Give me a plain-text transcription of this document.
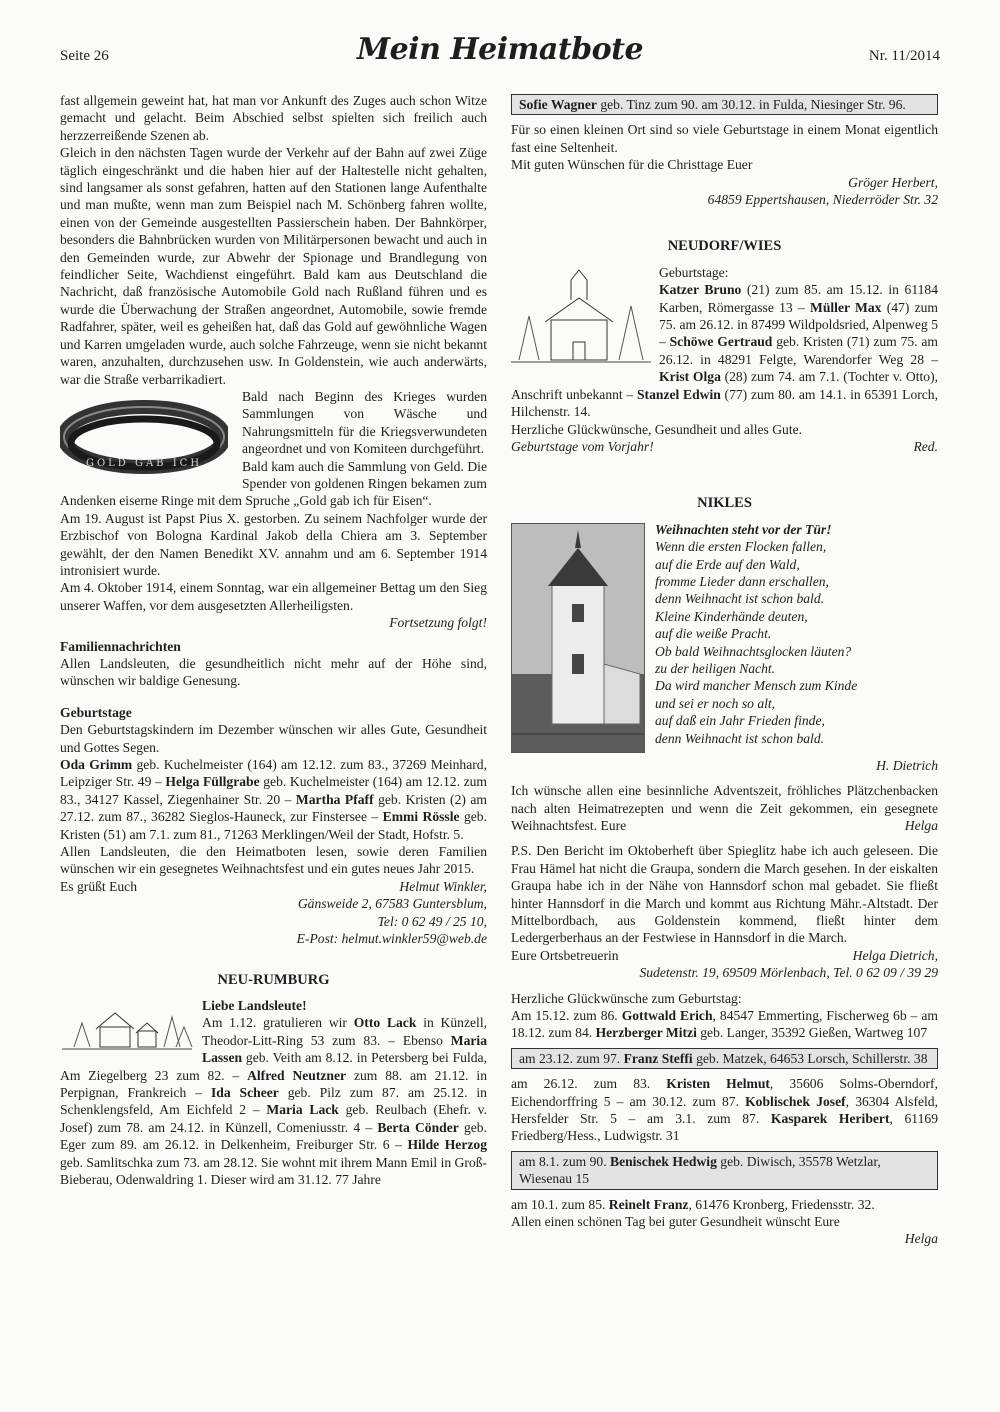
Seite 26	Mein Heimatbote	Nr. 11/2014

fast allgemein geweint hat, hat man vor Ankunft des Zuges auch schon Witze gemacht und gelacht. Beim Abschied selbst spielten sich freilich auch herzzerreißende Szenen ab.

Gleich in den nächsten Tagen wurde der Verkehr auf der Bahn auf zwei Züge täglich eingeschränkt und die haben hier auf der Haltestelle nicht gehalten, sind langsamer als sonst gefahren, hatten auf den Stationen lange Aufenthalte und man mußte, wenn man zum Beispiel nach M. Schönberg fahren wollte, einen von der Gemeinde ausgestellten Passierschein haben. Der Bahnkörper, besonders die Bahnbrücken wurden von Militärpersonen bewacht und auch in den Gemeinden wurde, zur Abwehr der Spionage und Brandlegung von feindlicher Seite, Wachdienst eingeführt. Bald kam aus Deutschland die Nachricht, daß französische Automobile Gold nach Rußland führen und es wurde die Überwachung der Straßen angeordnet, Automobile, sowie fremde Radfahrer, später, weil es geheißen hat, daß das Gold auf gewöhnliche Wagen und Karren umgeladen wurde, auch solche Fahrzeuge, wenn sie nicht bekannt waren, anzuhalten, durchzusehen usw. In Goldenstein, wie auch anderwärts, war die Straße verbarrikadiert.

GOLD GAB ICH

Bald nach Beginn des Krieges wurden Sammlungen von Wäsche und Nahrungsmitteln für die Kriegsverwundeten angeordnet und von Komiteen durchgeführt.

Bald kam auch die Sammlung von Geld. Die Spender von goldenen Ringen bekamen zum Andenken eiserne Ringe mit dem Spruche „Gold gab ich für Eisen“.

Am 19. August ist Papst Pius X. gestorben. Zu seinem Nachfolger wurde der Erzbischof von Bologna Kardinal Jakob della Chiera am 3. September gewählt, der den Namen Benedikt XV. annahm und am 6. September 1914 intronisiert wurde.

Am 4. Oktober 1914, einem Sonntag, war ein allgemeiner Bettag um den Sieg unserer Waffen, vor dem ausgesetzten Allerheiligsten.

Fortsetzung folgt!

Familiennachrichten

Allen Landsleuten, die gesundheitlich nicht mehr auf der Höhe sind, wünschen wir baldige Genesung.

Geburtstage

Den Geburtstagskindern im Dezember wünschen wir alles Gute, Gesundheit und Gottes Segen.

Oda Grimm geb. Kuchelmeister (164) am 12.12. zum 83., 37269 Meinhard, Leipziger Str. 49 – Helga Füllgrabe geb. Kuchelmeister (164) am 12.12. zum 83., 34127 Kassel, Ziegenhainer Str. 20 – Martha Pfaff geb. Kristen (2) am 27.12. zum 87., 36282 Sieglos-Hauneck, zur Finstersee – Emmi Rössle geb. Kristen (51) am 7.1. zum 81., 71263 Merklingen/Weil der Stadt, Hofstr. 5.

Allen Landsleuten, die den Heimatboten lesen, sowie deren Familien wünschen wir ein gesegnetes Weihnachtsfest und ein gutes neues Jahr 2015.

Es grüßt Euch	Helmut Winkler,

Gänsweide 2, 67583 Guntersblum,

Tel: 0 62 49 / 25 10,

E-Post: helmut.winkler59@web.de

NEU-RUMBURG

Liebe Landsleute!

Am 1.12. gratulieren wir Otto Lack in Künzell, Theodor-Litt-Ring 53 zum 83. – Ebenso Maria Lassen geb. Veith am 8.12. in Petersberg bei Fulda, Am Ziegelberg 23 zum 82. – Alfred Neutzner zum 88. am 21.12. in Perpignan, Frankreich – Ida Scheer geb. Pilz zum 87. am 25.12. in Schenklengsfeld, Am Eichfeld 2 – Maria Lack geb. Reulbach (Ehefr. v. Josef) zum 78. am 24.12. in Künzell, Comeniusstr. 4 – Berta Cönder geb. Eger zum 89. am 26.12. in Delkenheim, Freiburger Str. 6 – Hilde Herzog geb. Samlitschka zum 73. am 28.12. Sie wohnt mit ihrem Mann Emil in Groß-Bieberau, Odenwaldring 1. Dieser wird am 31.12. 77 Jahre

Sofie Wagner geb. Tinz zum 90. am 30.12. in Fulda, Niesinger Str. 96.

Für so einen kleinen Ort sind so viele Geburtstage in einem Monat eigentlich fast eine Seltenheit.

Mit guten Wünschen für die Christtage Euer

Gröger Herbert,

64859 Eppertshausen, Niederröder Str. 32

NEUDORF/WIES

Geburtstage:

Katzer Bruno (21) zum 85. am 15.12. in 61184 Karben, Römergasse 13 – Müller Max (47) zum 75. am 26.12. in 87499 Wildpoldsried, Alpenweg 5 – Schöwe Gertraud geb. Kristen (71) zum 75. am 26.12. in 48291 Felgte, Warendorfer Weg 28 – Krist Olga (28) zum 74. am 7.1. (Tochter v. Otto), Anschrift unbekannt – Stanzel Edwin (77) zum 80. am 14.1. in 65391 Lorch, Hilchenstr. 14.

Herzliche Glückwünsche, Gesundheit und alles Gute.

Geburtstage vom Vorjahr!	Red.
NIKLES

Weihnachten steht vor der Tür!

Wenn die ersten Flocken fallen,
auf die Erde auf den Wald,
fromme Lieder dann erschallen,
denn Weihnacht ist schon bald.
Kleine Kinderhände deuten,
auf die weiße Pracht.
Ob bald Weihnachtsglocken läuten?
zu der heiligen Nacht.
Da wird mancher Mensch zum Kinde
und sei er noch so alt,
auf daß ein Jahr Frieden finde,
denn Weihnacht ist schon bald.

H. Dietrich

Ich wünsche allen eine besinnliche Adventszeit, fröhliches Plätzchenbacken nach alten Heimatrezepten und wenn die Zeit gekommen, ein gesegnete Weihnachtsfest. Eure	Helga

P.S. Den Bericht im Oktoberheft über Spieglitz habe ich auch geleseen. Die Frau Hämel hat nicht die Graupa, sondern die March gesehen. In der eiskalten Graupa habe ich in der Nähe von Hannsdorf schon mal gebadet. Sie fließt hinter Hannsdorf in die March und kommt aus Richtung Mähr.-Altstadt. Der Mittelbordbach, aus Goldenstein kommend, fließt hinter dem Ledergerberhaus an der Festwiese in Hannsdorf in die March.

Eure Ortsbetreuerin	Helga Dietrich,

Sudetenstr. 19, 69509 Mörlenbach, Tel. 0 62 09 / 39 29

Herzliche Glückwünsche zum Geburtstag:

Am 15.12. zum 86. Gottwald Erich, 84547 Emmerting, Fischerweg 6b – am 18.12. zum 84. Herzberger Mitzi geb. Langer, 35392 Gießen, Wartweg 107

am 23.12. zum 97. Franz Steffi geb. Matzek, 64653 Lorsch, Schillerstr. 38

am 26.12. zum 83. Kristen Helmut, 35606 Solms-Oberndorf, Eichendorffring 5 – am 30.12. zum 87. Koblischek Josef, 36304 Alsfeld, Hersfelder Str. 5 – am 3.1. zum 87. Kasparek Heribert, 61169 Friedberg/Hess., Ludwigstr. 31

am 8.1. zum 90. Benischek Hedwig geb. Diwisch, 35578 Wetzlar, Wiesenau 15

am 10.1. zum 85. Reinelt Franz, 61476 Kronberg, Friedensstr. 32.

Allen einen schönen Tag bei guter Gesundheit wünscht Eure

Helga
